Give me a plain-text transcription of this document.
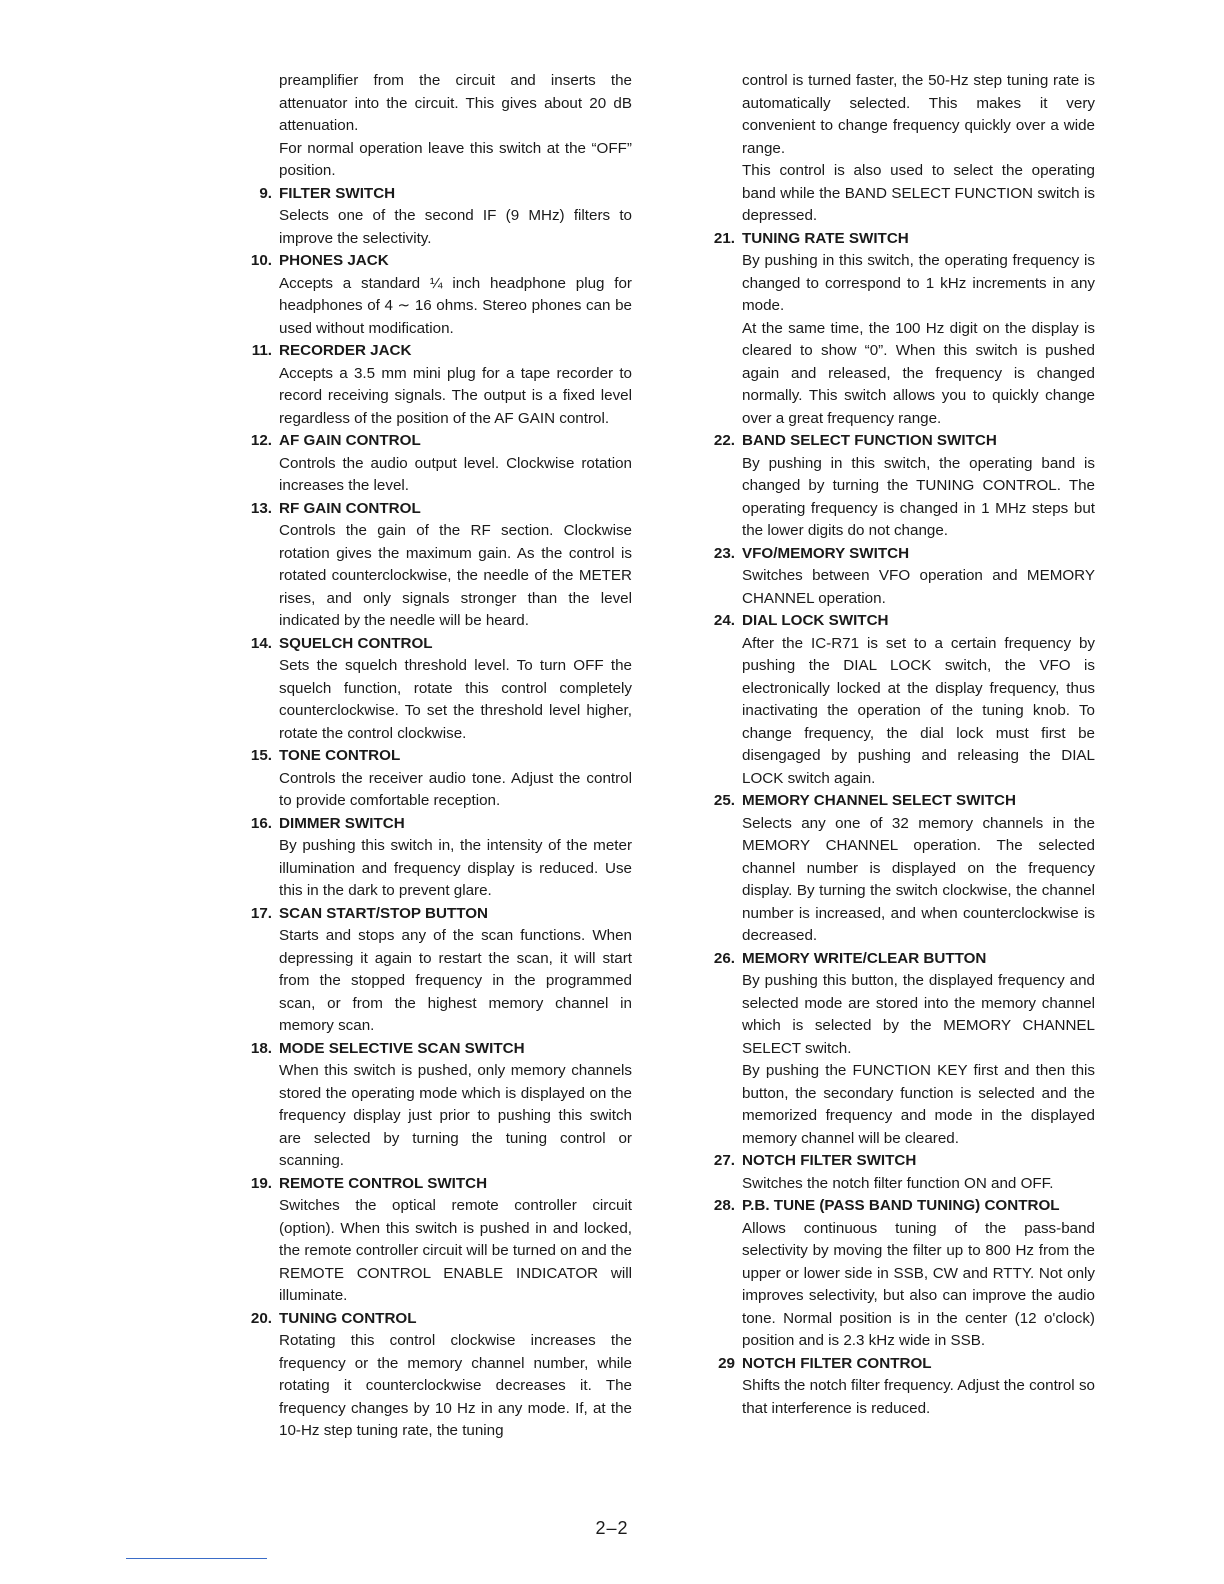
preamplifier from the circuit and inserts the attenuator into the circuit. This gives about 20 dB attenuation.

For normal operation leave this switch at the “OFF” position.

9. FILTER SWITCH

Selects one of the second IF (9 MHz) filters to improve the selectivity.

10. PHONES JACK

Accepts a standard ¼ inch headphone plug for headphones of 4 ∼ 16 ohms. Stereo phones can be used without modification.

11. RECORDER JACK

Accepts a 3.5 mm mini plug for a tape recorder to record receiving signals. The output is a fixed level regardless of the position of the AF GAIN control.

12. AF GAIN CONTROL

Controls the audio output level. Clockwise rotation increases the level.

13. RF GAIN CONTROL

Controls the gain of the RF section. Clockwise rotation gives the maximum gain. As the control is rotated counterclockwise, the needle of the METER rises, and only signals stronger than the level indicated by the needle will be heard.

14. SQUELCH CONTROL

Sets the squelch threshold level. To turn OFF the squelch function, rotate this control completely counterclockwise. To set the threshold level higher, rotate the control clockwise.

15. TONE CONTROL

Controls the receiver audio tone. Adjust the control to provide comfortable reception.

16. DIMMER SWITCH

By pushing this switch in, the intensity of the meter illumination and frequency display is reduced. Use this in the dark to prevent glare.

17. SCAN START/STOP BUTTON

Starts and stops any of the scan functions. When depressing it again to restart the scan, it will start from the stopped frequency in the programmed scan, or from the highest memory channel in memory scan.

18. MODE SELECTIVE SCAN SWITCH

When this switch is pushed, only memory channels stored the operating mode which is displayed on the frequency display just prior to pushing this switch are selected by turning the tuning control or scanning.

19. REMOTE CONTROL SWITCH

Switches the optical remote controller circuit (option). When this switch is pushed in and locked, the remote controller circuit will be turned on and the REMOTE CONTROL ENABLE INDICATOR will illuminate.

20. TUNING CONTROL

Rotating this control clockwise increases the frequency or the memory channel number, while rotating it counterclockwise decreases it. The frequency changes by 10 Hz in any mode. If, at the 10-Hz step tuning rate, the tuning

control is turned faster, the 50-Hz step tuning rate is automatically selected. This makes it very convenient to change frequency quickly over a wide range.

This control is also used to select the operating band while the BAND SELECT FUNCTION switch is depressed.

21. TUNING RATE SWITCH

By pushing in this switch, the operating frequency is changed to correspond to 1 kHz increments in any mode.

At the same time, the 100 Hz digit on the display is cleared to show “0”. When this switch is pushed again and released, the frequency is changed normally. This switch allows you to quickly change over a great frequency range.

22. BAND SELECT FUNCTION SWITCH

By pushing in this switch, the operating band is changed by turning the TUNING CONTROL. The operating frequency is changed in 1 MHz steps but the lower digits do not change.

23. VFO/MEMORY SWITCH

Switches between VFO operation and MEMORY CHANNEL operation.

24. DIAL LOCK SWITCH

After the IC-R71 is set to a certain frequency by pushing the DIAL LOCK switch, the VFO is electronically locked at the display frequency, thus inactivating the operation of the tuning knob. To change frequency, the dial lock must first be disengaged by pushing and releasing the DIAL LOCK switch again.

25. MEMORY CHANNEL SELECT SWITCH

Selects any one of 32 memory channels in the MEMORY CHANNEL operation. The selected channel number is displayed on the frequency display. By turning the switch clockwise, the channel number is increased, and when counterclockwise is decreased.

26. MEMORY WRITE/CLEAR BUTTON

By pushing this button, the displayed frequency and selected mode are stored into the memory channel which is selected by the MEMORY CHANNEL SELECT switch.

By pushing the FUNCTION KEY first and then this button, the secondary function is selected and the memorized frequency and mode in the displayed memory channel will be cleared.

27. NOTCH FILTER SWITCH

Switches the notch filter function ON and OFF.

28. P.B. TUNE (PASS BAND TUNING) CONTROL

Allows continuous tuning of the pass-band selectivity by moving the filter up to 800 Hz from the upper or lower side in SSB, CW and RTTY. Not only improves selectivity, but also can improve the audio tone. Normal position is in the center (12 o'clock) position and is 2.3 kHz wide in SSB.

29 NOTCH FILTER CONTROL

Shifts the notch filter frequency. Adjust the control so that interference is reduced.

2–2
